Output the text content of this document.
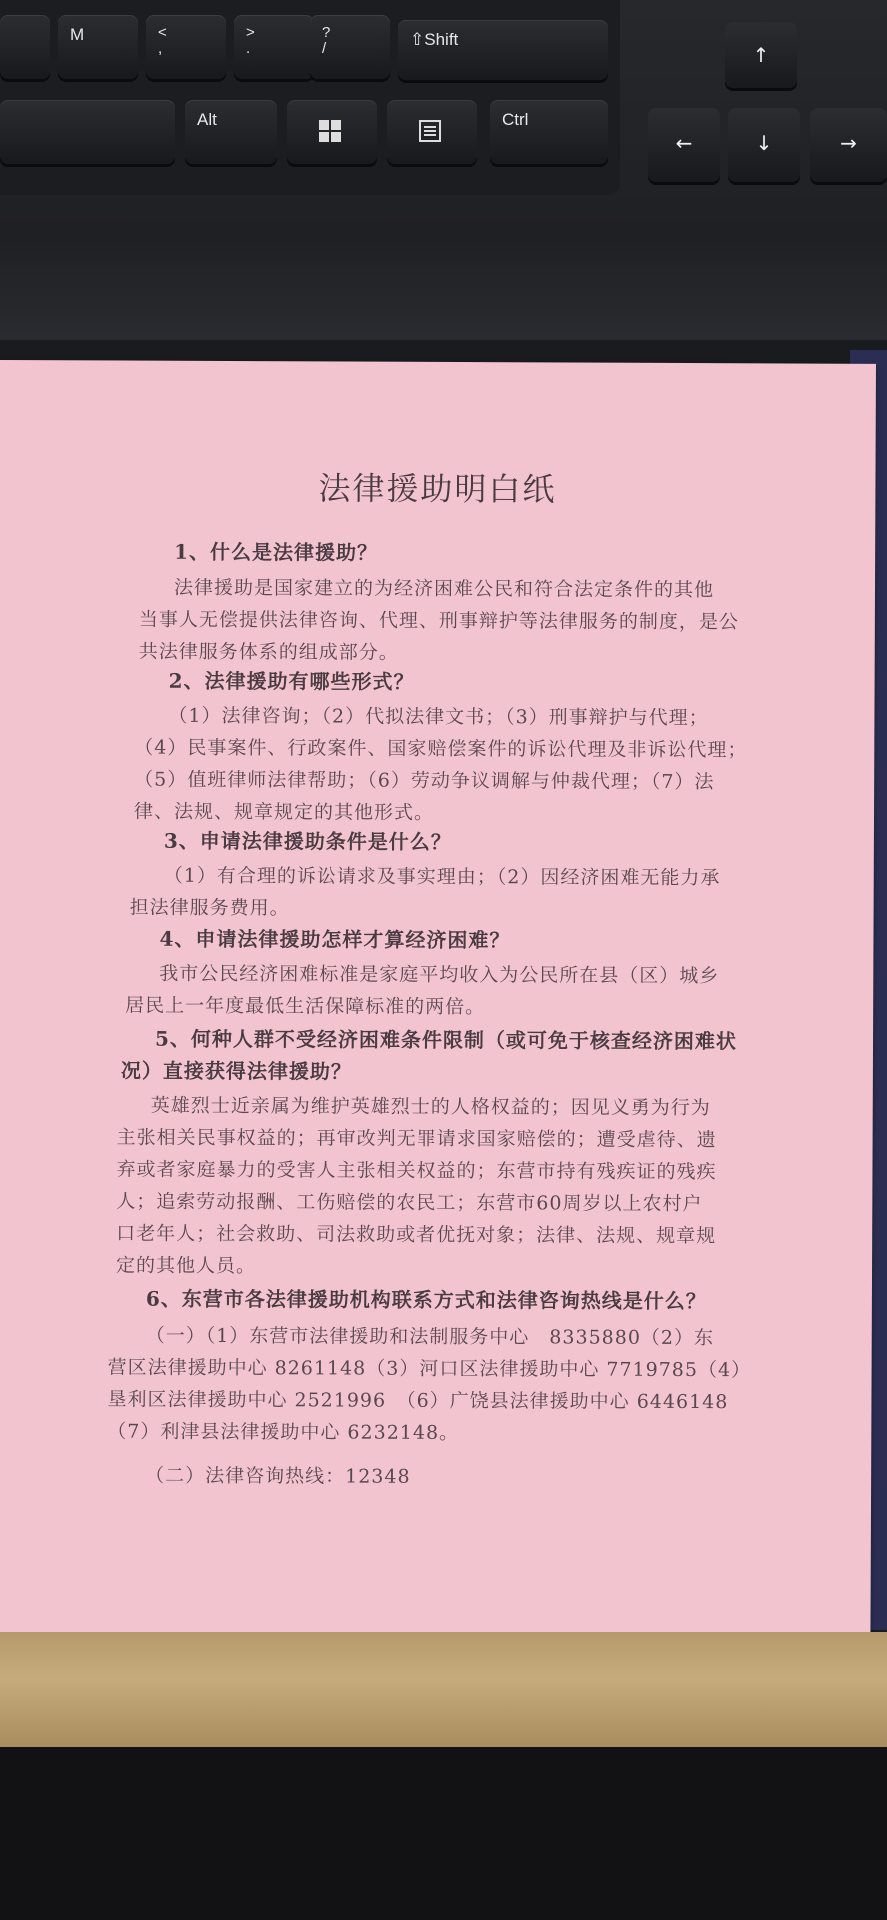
M	<
,
>
.
?
/	⇧Shift
Alt	Ctrl
↑
←	↓	→
法律援助明白纸
1、什么是法律援助？
法律援助是国家建立的为经济困难公民和符合法定条件的其他
当事人无偿提供法律咨询、代理、刑事辩护等法律服务的制度，是公
共法律服务体系的组成部分。
2、法律援助有哪些形式？
（1）法律咨询；（2）代拟法律文书；（3）刑事辩护与代理；
（4）民事案件、行政案件、国家赔偿案件的诉讼代理及非诉讼代理；
（5）值班律师法律帮助；（6）劳动争议调解与仲裁代理；（7）法
律、法规、规章规定的其他形式。
3、申请法律援助条件是什么？
（1）有合理的诉讼请求及事实理由；（2）因经济困难无能力承
担法律服务费用。
4、申请法律援助怎样才算经济困难？
我市公民经济困难标准是家庭平均收入为公民所在县（区）城乡
居民上一年度最低生活保障标准的两倍。
5、何种人群不受经济困难条件限制（或可免于核查经济困难状
况）直接获得法律援助？
英雄烈士近亲属为维护英雄烈士的人格权益的；因见义勇为行为
主张相关民事权益的；再审改判无罪请求国家赔偿的；遭受虐待、遗
弃或者家庭暴力的受害人主张相关权益的；东营市持有残疾证的残疾
人；追索劳动报酬、工伤赔偿的农民工；东营市60周岁以上农村户
口老年人；社会救助、司法救助或者优抚对象；法律、法规、规章规
定的其他人员。
6、东营市各法律援助机构联系方式和法律咨询热线是什么？
（一）（1）东营市法律援助和法制服务中心　8335880（2）东
营区法律援助中心 8261148（3）河口区法律援助中心 7719785（4）
垦利区法律援助中心 2521996　（6）广饶县法律援助中心 6446148
（7）利津县法律援助中心 6232148。
（二）法律咨询热线：12348
